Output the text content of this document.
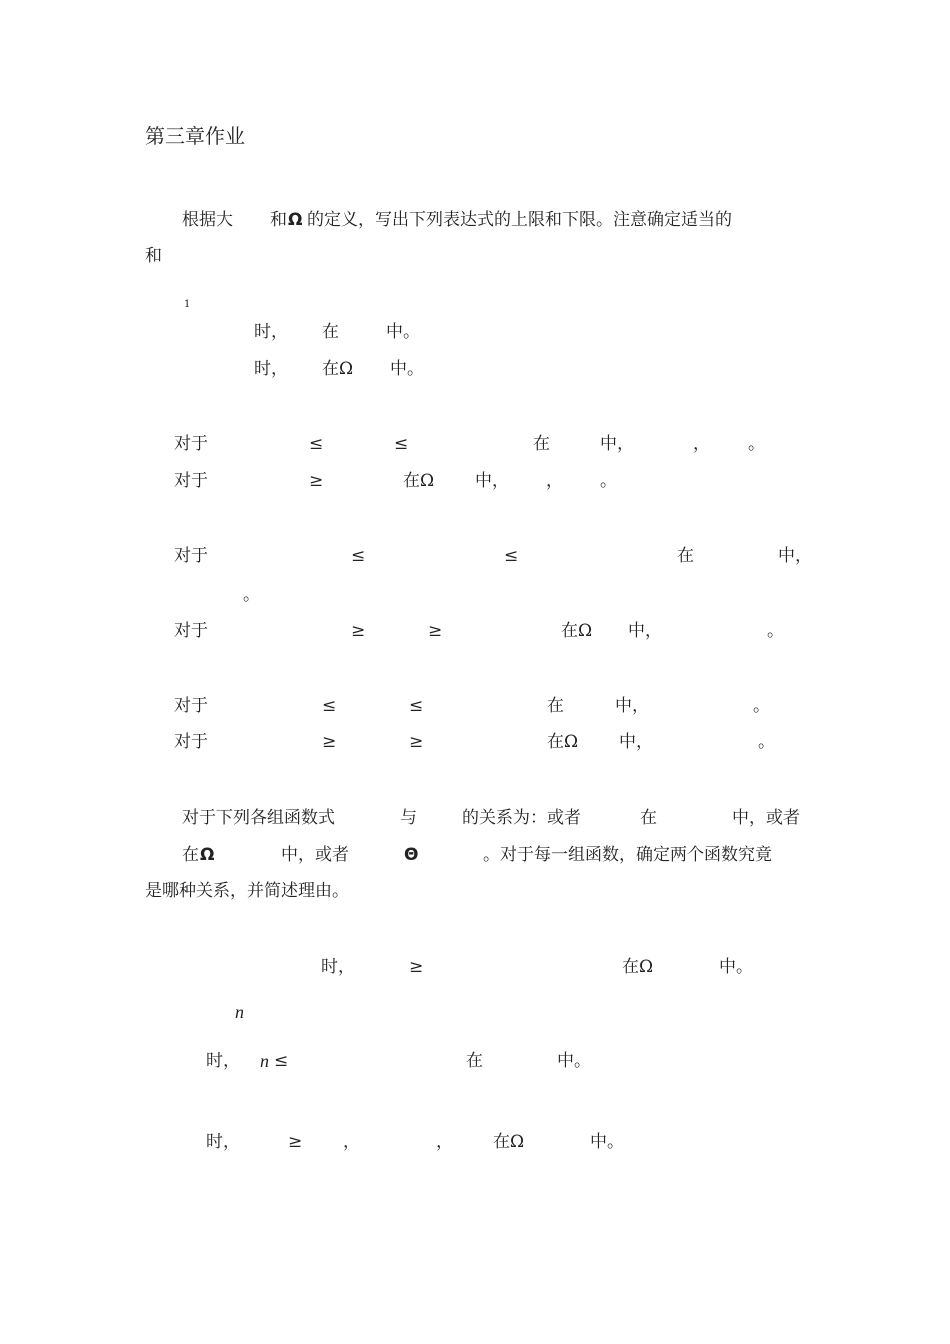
第三章作业
根据大 和 Ω 的定义，写出下列表达式的上限和下限。注意确定适当的
和
1
时， 在	中。
时， 在Ω 中。
对于	≤	≤	在	中，	， 。
对于	≥	在Ω 中， ， 。
对于	≤	≤	在	中，
。
对于	≥	≥	在Ω 中，	。
对于	≤	≤	在	中，	。
对于	≥	≥	在Ω 中，	。
对于下列各组函数式	与	的关系为：或者	在	中，或者
在 Ω	中，或者	Θ	。对于每一组函数，确定两个函数究竟
是哪种关系，并简述理由。
时，	≥	在Ω	中。
n
时， n ≤	在	中。
时，	≥ ，	， 在Ω	中。
